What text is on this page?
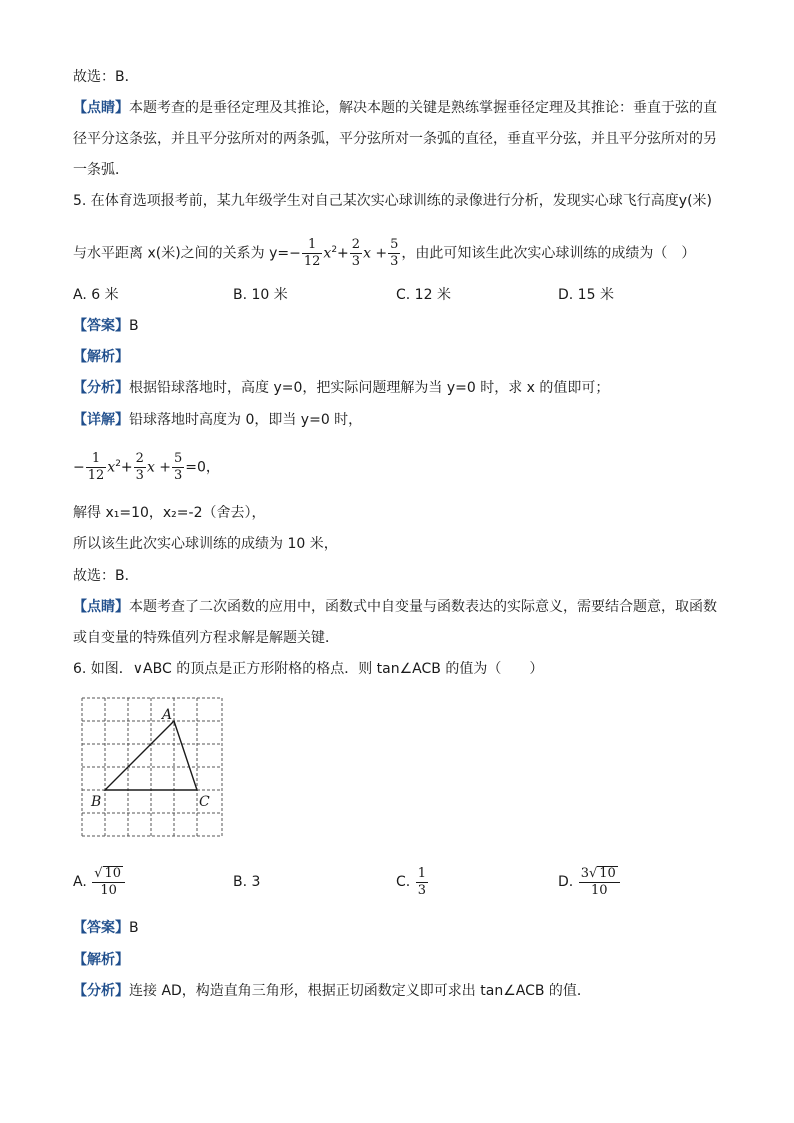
故选：B．
【点睛】本题考查的是垂径定理及其推论，解决本题的关键是熟练掌握垂径定理及其推论：垂直于弦的直
径平分这条弦，并且平分弦所对的两条弧，平分弦所对一条弧的直径，垂直平分弦，并且平分弦所对的另
一条弧．
5. 在体育选项报考前，某九年级学生对自己某次实心球训练的录像进行分析，发现实心球飞行高度y(米)
与水平距离 x(米)之间的关系为 $y=- \frac{1}{12} x^2+ \frac{2}{3}$ $x + \frac{5}{3}$ ，由此可知该生此次实心球训练的成绩为（　）
A. 6 米	B. 10 米	C. 12 米	D. 15 米
【答案】B
【解析】
【分析】根据铅球落地时，高度 y=0，把实际问题理解为当 y=0 时，求 x 的值即可；
【详解】铅球落地时高度为 0，即当 y=0 时，
− $\frac{1}{12} x^2+ \frac{2}{3}$ $x + \frac{5}{3} =0$，
解得 x₁=10，x₂=-2（舍去），
所以该生此次实心球训练的成绩为 10 米，
故选：B．
【点睛】本题考查了二次函数的应用中，函数式中自变量与函数表达的实际意义，需要结合题意，取函数
或自变量的特殊值列方程求解是解题关键．
6. 如图．∨ABC 的顶点是正方形附格的格点．则 tan∠ACB 的值为（　　）
A
B	C
A. $\frac{√ 10}{10}$	B. 3	C. $\frac{1}{3}$	D. $\frac{3√ 10}{10}$
【答案】B
【解析】
【分析】连接 AD，构造直角三角形，根据正切函数定义即可求出 tan∠ACB 的值．
